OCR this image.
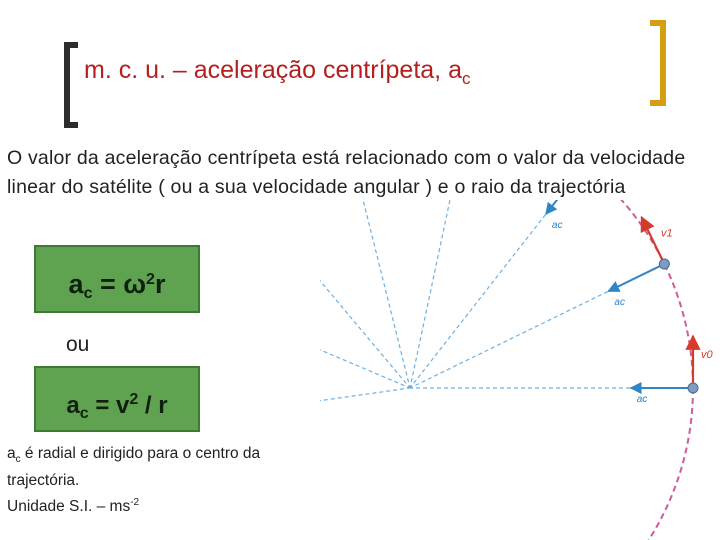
m. c. u. – aceleração centrípeta, $a_c$
O valor da aceleração centrípeta está relacionado com o valor da velocidade linear do satélite ( ou a sua velocidade angular ) e o raio da trajectória
$a_c = \omega^2r$
ou
$a_c = v^2 / r$
$a_c$ é radial e dirigido para o centro da trajectória.
Unidade S.I. – $ms^{-2}$
v0
ac
v1
ac
ac
